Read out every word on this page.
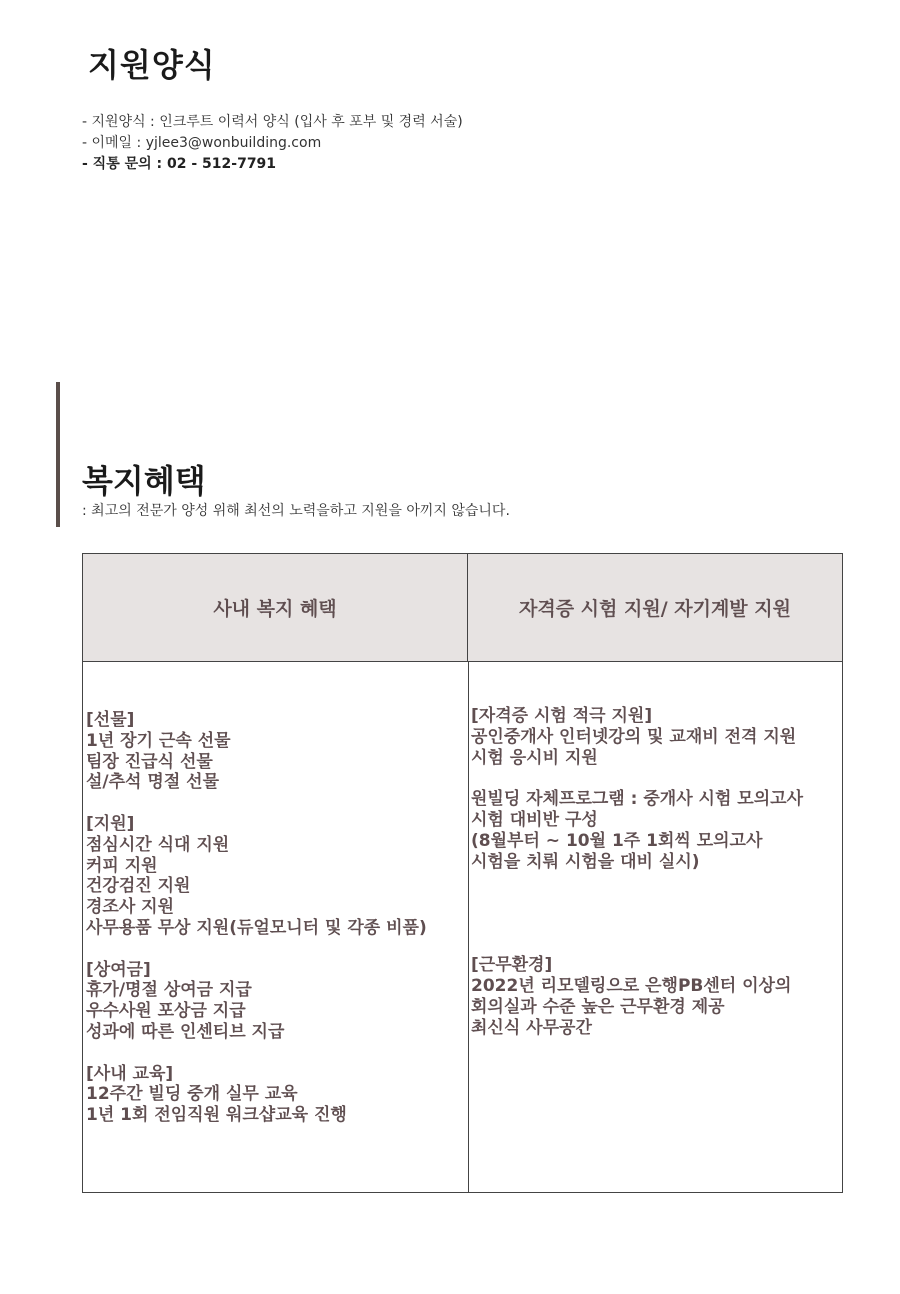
지원양식
- 지원양식 : 인크루트 이력서 양식 (입사 후 포부 및 경력 서술)
- 이메일 : yjlee3@wonbuilding.com
- 직통 문의 : 02 - 512-7791
복지혜택

: 최고의 전문가 양성 위해 최선의 노력을하고 지원을 아끼지 않습니다.

사내 복지 혜택	자격증 시험 지원/ 자기계발 지원
[선물]
1년 장기 근속 선물
팀장 진급식 선물
설/추석 명절 선물
[지원]
점심시간 식대 지원
커피 지원
건강검진 지원
경조사 지원
사무용품 무상 지원(듀얼모니터 및 각종 비품)
[상여금]
휴가/명절 상여금 지급
우수사원 포상금 지급
성과에 따른 인센티브 지급
[사내 교육]
12주간 빌딩 중개 실무 교육
1년 1회 전임직원 워크샵교육 진행
[자격증 시험 적극 지원]
공인중개사 인터넷강의 및 교재비 전격 지원
시험 응시비 지원
원빌딩 자체프로그램 : 중개사 시험 모의고사
시험 대비반 구성
(8월부터 ~ 10월 1주 1회씩 모의고사
시험을 치뤄 시험을 대비 실시)
[근무환경]
2022년 리모델링으로 은행PB센터 이상의
회의실과 수준 높은 근무환경 제공
최신식 사무공간
